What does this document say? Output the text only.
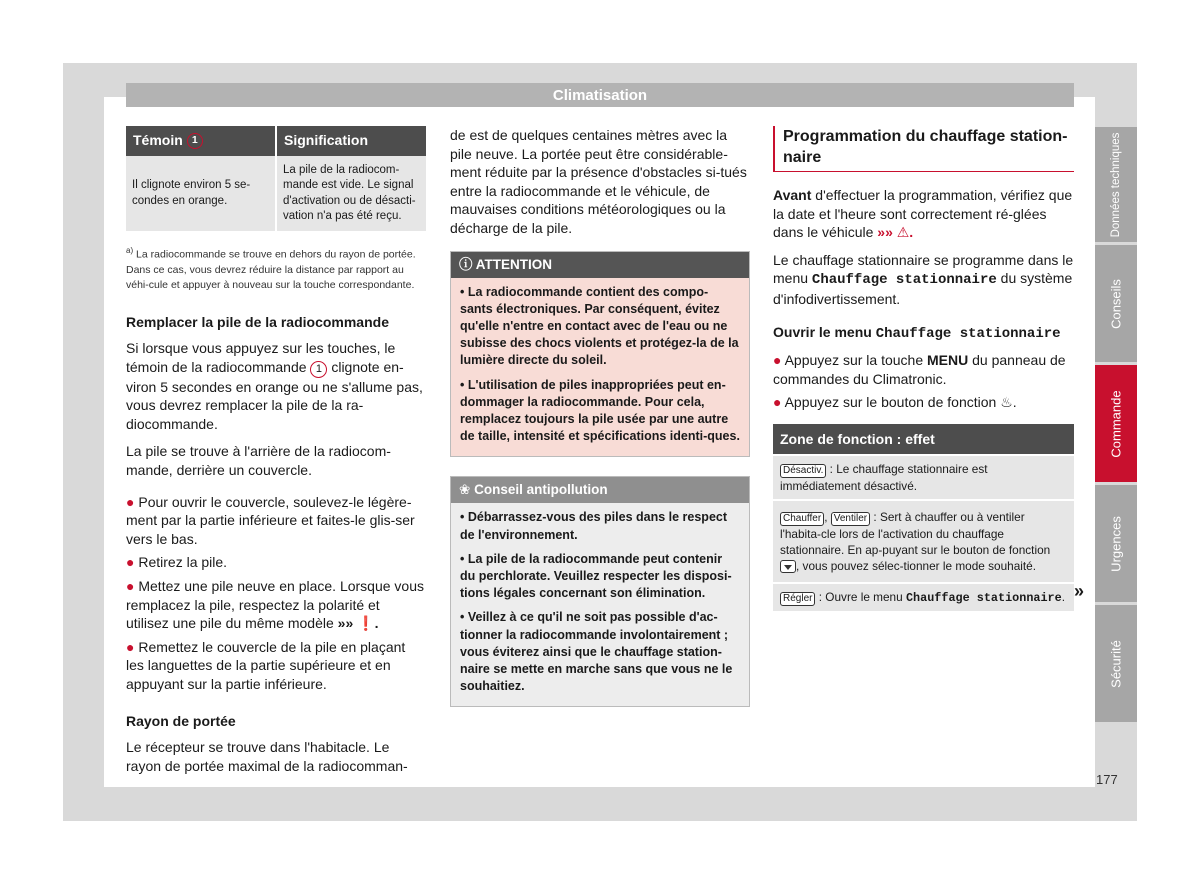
Climatisation
Témoin 1	Signification
Il clignote environ 5 se-condes en orange.	La pile de la radiocom-mande est vide. Le signal d'activation ou de désacti-vation n'a pas été reçu.
$^{a)}$ La radiocommande se trouve en dehors du rayon de portée. Dans ce cas, vous devrez réduire la distance par rapport au véhi-cule et appuyer à nouveau sur la touche correspondante.
Remplacer la pile de la radiocommande

Si lorsque vous appuyez sur les touches, le témoin de la radiocommande 1 clignote en-viron 5 secondes en orange ou ne s'allume pas, vous devrez remplacer la pile de la ra-diocommande.

La pile se trouve à l'arrière de la radiocom-mande, derrière un couvercle.

● Pour ouvrir le couvercle, soulevez-le légère-ment par la partie inférieure et faites-le glis-ser vers le bas.
● Retirez la pile.
● Mettez une pile neuve en place. Lorsque vous remplacez la pile, respectez la polarité et utilisez une pile du même modèle »» ❗.
● Remettez le couvercle de la pile en plaçant les languettes de la partie supérieure et en appuyant sur la partie inférieure.
Rayon de portée

Le récepteur se trouve dans l'habitacle. Le rayon de portée maximal de la radiocomman-

de est de quelques centaines mètres avec la pile neuve. La portée peut être considérable-ment réduite par la présence d'obstacles si-tués entre la radiocommande et le véhicule, de mauvaises conditions météorologiques ou la décharge de la pile.

ⓘ ATTENTION

• La radiocommande contient des compo-sants électroniques. Par conséquent, évitez qu'elle n'entre en contact avec de l'eau ou ne subisse des chocs violents et protégez-la de la lumière directe du soleil.

• L'utilisation de piles inappropriées peut en-dommager la radiocommande. Pour cela, remplacez toujours la pile usée par une autre de taille, intensité et spécifications identi-ques.

❀ Conseil antipollution

• Débarrassez-vous des piles dans le respect de l'environnement.

• La pile de la radiocommande peut contenir du perchlorate. Veuillez respecter les disposi-tions légales concernant son élimination.

• Veillez à ce qu'il ne soit pas possible d'ac-tionner la radiocommande involontairement ; vous éviterez ainsi que le chauffage station-naire se mette en marche sans que vous ne le souhaitiez.

Programmation du chauffage station-naire

Avant d'effectuer la programmation, vérifiez que la date et l'heure sont correctement ré-glées dans le véhicule »» ⚠.

Le chauffage stationnaire se programme dans le menu Chauffage stationnaire du système d'infodivertissement.

Ouvrir le menu Chauffage stationnaire
● Appuyez sur la touche MENU du panneau de commandes du Climatronic.
● Appuyez sur le bouton de fonction ♨.
Zone de fonction : effet
Désactiv. : Le chauffage stationnaire est immédiatement désactivé.
Chauffer , Ventiler : Sert à chauffer ou à ventiler l'habita-cle lors de l'activation du chauffage stationnaire. En ap-puyant sur le bouton de fonction , vous pouvez sélec-tionner le mode souhaité.
Régler : Ouvre le menu Chauffage stationnaire. »
Données techniques
Conseils
Commande
Urgences
Sécurité
177
